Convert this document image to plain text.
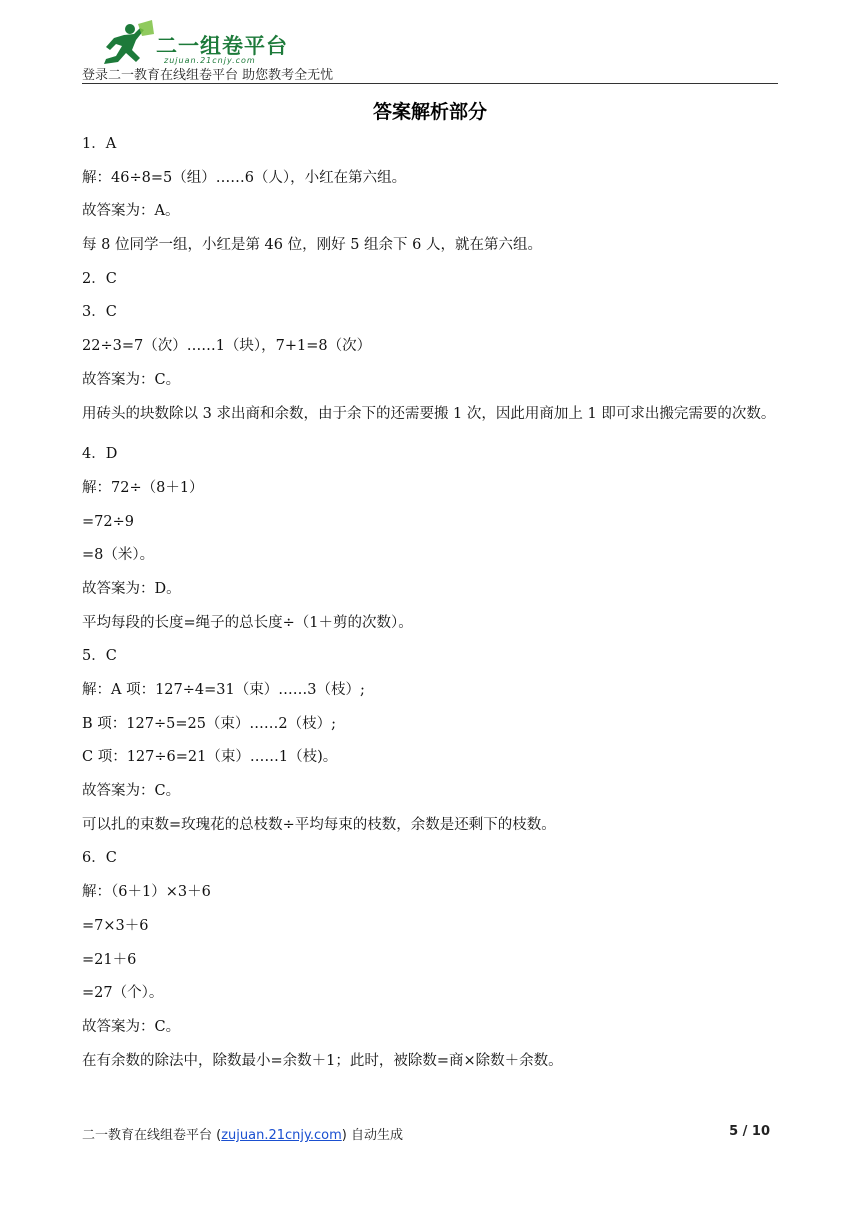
二一组卷平台
zujuan.21cnjy.com
登录二一教育在线组卷平台 助您教考全无忧
答案解析部分
1．A
解：46÷8=5（组）……6（人），小红在第六组。
故答案为：A。
每 8 位同学一组，小红是第 46 位，刚好 5 组余下 6 人，就在第六组。
2．C
3．C
22÷3=7（次）……1（块），7+1=8（次）
故答案为：C。
用砖头的块数除以 3 求出商和余数，由于余下的还需要搬 1 次，因此用商加上 1 即可求出搬完需要的次数。
4．D
解：72÷（8＋1）
=72÷9
=8（米）。
故答案为：D。
平均每段的长度=绳子的总长度÷（1＋剪的次数）。
5．C
解：A 项：127÷4=31（束）……3（枝）;
B 项：127÷5=25（束）……2（枝）;
C 项：127÷6=21（束）……1（枝)。
故答案为：C。
可以扎的束数=玫瑰花的总枝数÷平均每束的枝数，余数是还剩下的枝数。
6．C
解：（6＋1）×3＋6
=7×3＋6
=21＋6
=27（个）。
故答案为：C。
在有余数的除法中，除数最小=余数＋1；此时，被除数=商×除数＋余数。
二一教育在线组卷平台 (zujuan.21cnjy.com) 自动生成	5 / 10
